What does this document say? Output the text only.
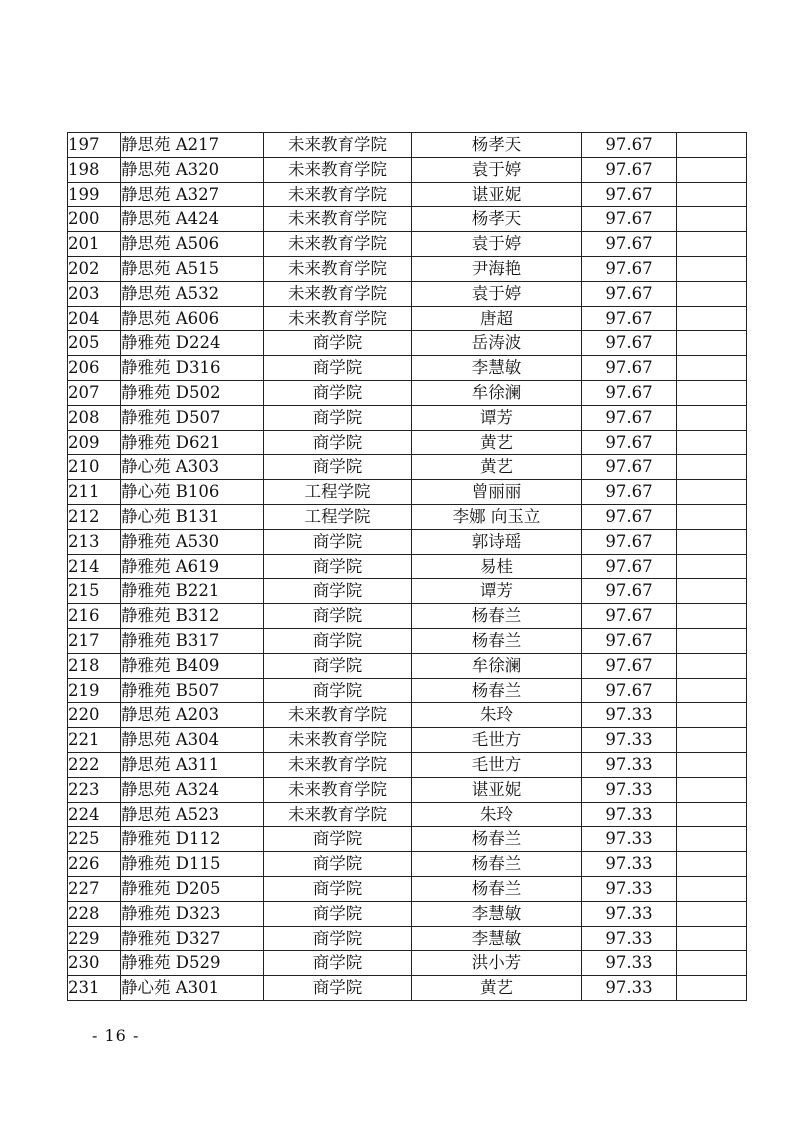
197	静思苑 A217	未来教育学院	杨孝天	97.67	
198	静思苑 A320	未来教育学院	袁于婷	97.67	
199	静思苑 A327	未来教育学院	谌亚妮	97.67	
200	静思苑 A424	未来教育学院	杨孝天	97.67	
201	静思苑 A506	未来教育学院	袁于婷	97.67	
202	静思苑 A515	未来教育学院	尹海艳	97.67	
203	静思苑 A532	未来教育学院	袁于婷	97.67	
204	静思苑 A606	未来教育学院	唐超	97.67	
205	静雅苑 D224	商学院	岳涛波	97.67	
206	静雅苑 D316	商学院	李慧敏	97.67	
207	静雅苑 D502	商学院	牟徐澜	97.67	
208	静雅苑 D507	商学院	谭芳	97.67	
209	静雅苑 D621	商学院	黄艺	97.67	
210	静心苑 A303	商学院	黄艺	97.67	
211	静心苑 B106	工程学院	曾丽丽	97.67	
212	静心苑 B131	工程学院	李娜 向玉立	97.67	
213	静雅苑 A530	商学院	郭诗瑶	97.67	
214	静雅苑 A619	商学院	易桂	97.67	
215	静雅苑 B221	商学院	谭芳	97.67	
216	静雅苑 B312	商学院	杨春兰	97.67	
217	静雅苑 B317	商学院	杨春兰	97.67	
218	静雅苑 B409	商学院	牟徐澜	97.67	
219	静雅苑 B507	商学院	杨春兰	97.67	
220	静思苑 A203	未来教育学院	朱玲	97.33	
221	静思苑 A304	未来教育学院	毛世方	97.33	
222	静思苑 A311	未来教育学院	毛世方	97.33	
223	静思苑 A324	未来教育学院	谌亚妮	97.33	
224	静思苑 A523	未来教育学院	朱玲	97.33	
225	静雅苑 D112	商学院	杨春兰	97.33	
226	静雅苑 D115	商学院	杨春兰	97.33	
227	静雅苑 D205	商学院	杨春兰	97.33	
228	静雅苑 D323	商学院	李慧敏	97.33	
229	静雅苑 D327	商学院	李慧敏	97.33	
230	静雅苑 D529	商学院	洪小芳	97.33	
231	静心苑 A301	商学院	黄艺	97.33	
- 16 -
